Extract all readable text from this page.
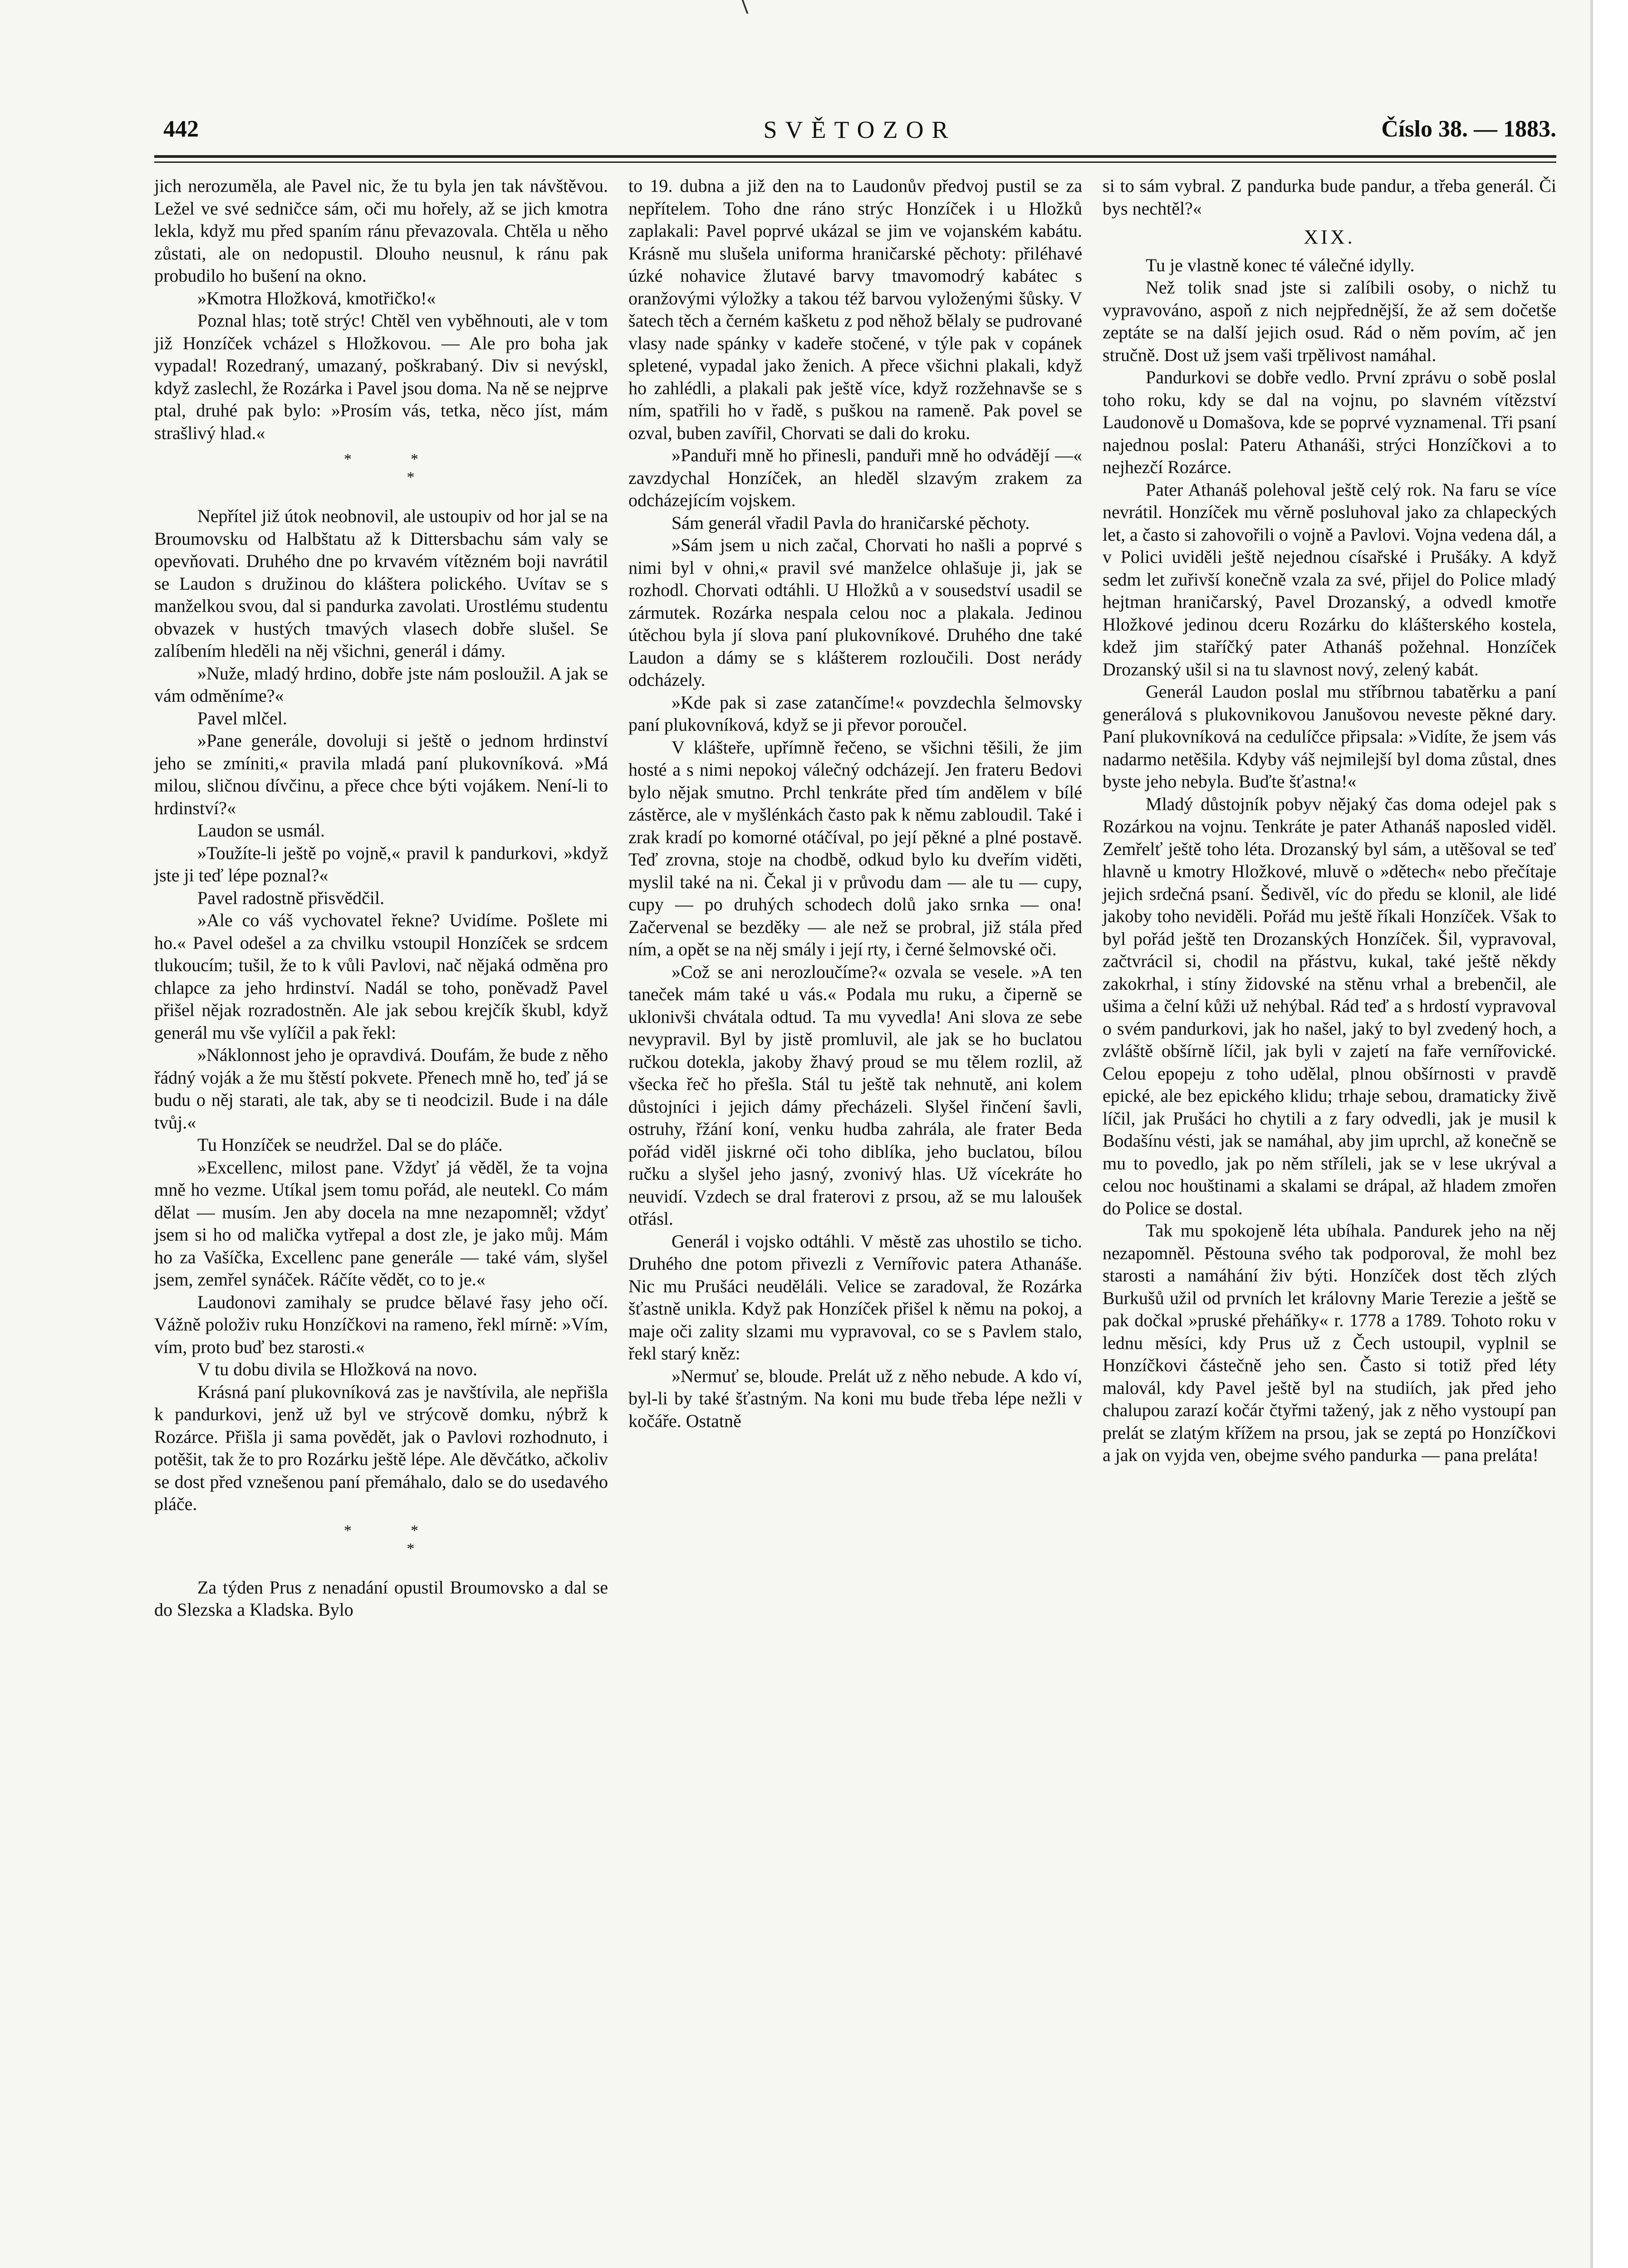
442	SVĚTOZOR	Číslo 38. — 1883.

jich nerozuměla, ale Pavel nic, že tu byla jen tak návštěvou. Ležel ve své sedničce sám, oči mu hořely, až se jich kmotra lekla, když mu před spaním ránu převazovala. Chtěla u něho zůstati, ale on nedopustil. Dlouho neusnul, k ránu pak probudilo ho bušení na okno.

»Kmotra Hložková, kmotřičko!«

Poznal hlas; totě strýc! Chtěl ven vyběhnouti, ale v tom již Honzíček vcházel s Hložkovou. — Ale pro boha jak vypadal! Rozedraný, umazaný, poškrabaný. Div si nevýskl, když zaslechl, že Rozárka i Pavel jsou doma. Na ně se nejprve ptal, druhé pak bylo: »Prosím vás, tetka, něco jíst, mám strašlivý hlad.«

**
*

Nepřítel již útok neobnovil, ale ustoupiv od hor jal se na Broumovsku od Halbštatu až k Dittersbachu sám valy se opevňovati. Druhého dne po krvavém vítězném boji navrátil se Laudon s družinou do kláštera polického. Uvítav se s manželkou svou, dal si pandurka zavolati. Urostlému studentu obvazek v hustých tmavých vlasech dobře slušel. Se zalíbením hleděli na něj všichni, generál i dámy.

»Nuže, mladý hrdino, dobře jste nám posloužil. A jak se vám odměníme?«

Pavel mlčel.

»Pane generále, dovoluji si ještě o jednom hrdinství jeho se zmíniti,« pravila mladá paní plukovníková. »Má milou, sličnou dívčinu, a přece chce býti vojákem. Není-li to hrdinství?«

Laudon se usmál.

»Toužíte-li ještě po vojně,« pravil k pandurkovi, »když jste ji teď lépe poznal?«

Pavel radostně přisvědčil.

»Ale co váš vychovatel řekne? Uvidíme. Pošlete mi ho.« Pavel odešel a za chvilku vstoupil Honzíček se srdcem tlukoucím; tušil, že to k vůli Pavlovi, nač nějaká odměna pro chlapce za jeho hrdinství. Nadál se toho, poněvadž Pavel přišel nějak rozradostněn. Ale jak sebou krejčík škubl, když generál mu vše vylíčil a pak řekl:

»Náklonnost jeho je opravdivá. Doufám, že bude z něho řádný voják a že mu štěstí pokvete. Přenech mně ho, teď já se budu o něj starati, ale tak, aby se ti neodcizil. Bude i na dále tvůj.«

Tu Honzíček se neudržel. Dal se do pláče.

»Excellenc, milost pane. Vždyť já věděl, že ta vojna mně ho vezme. Utíkal jsem tomu pořád, ale neutekl. Co mám dělat — musím. Jen aby docela na mne nezapomněl; vždyť jsem si ho od malička vytřepal a dost zle, je jako můj. Mám ho za Vašíčka, Excellenc pane generále — také vám, slyšel jsem, zemřel synáček. Ráčíte vědět, co to je.«

Laudonovi zamihaly se prudce bělavé řasy jeho očí. Vážně položiv ruku Honzíčkovi na rameno, řekl mírně: »Vím, vím, proto buď bez starosti.«

V tu dobu divila se Hložková na novo.

Krásná paní plukovníková zas je navštívila, ale nepřišla k pandurkovi, jenž už byl ve strýcově domku, nýbrž k Rozárce. Přišla ji sama povědět, jak o Pavlovi rozhodnuto, i potěšit, tak že to pro Rozárku ještě lépe. Ale děvčátko, ačkoliv se dost před vznešenou paní přemáhalo, dalo se do usedavého pláče.

**
*

Za týden Prus z nenadání opustil Broumovsko a dal se do Slezska a Kladska. Bylo

to 19. dubna a již den na to Laudonův předvoj pustil se za nepřítelem. Toho dne ráno strýc Honzíček i u Hložků zaplakali: Pavel poprvé ukázal se jim ve vojanském kabátu. Krásně mu slušela uniforma hraničarské pěchoty: přiléhavé úzké nohavice žlutavé barvy tmavomodrý kabátec s oranžovými výložky a takou též barvou vyloženými šůsky. V šatech těch a černém kašketu z pod něhož bělaly se pudrované vlasy nade spánky v kadeře stočené, v týle pak v copánek spletené, vypadal jako ženich. A přece všichni plakali, když ho zahlédli, a plakali pak ještě více, když rozžehnavše se s ním, spatřili ho v řadě, s puškou na rameně. Pak povel se ozval, buben zavířil, Chorvati se dali do kroku.

»Panduři mně ho přinesli, panduři mně ho odvádějí —« zavzdychal Honzíček, an hleděl slzavým zrakem za odcházejícím vojskem.

Sám generál vřadil Pavla do hraničarské pěchoty.

»Sám jsem u nich začal, Chorvati ho našli a poprvé s nimi byl v ohni,« pravil své manželce ohlašuje ji, jak se rozhodl. Chorvati odtáhli. U Hložků a v sousedství usadil se zármutek. Rozárka nespala celou noc a plakala. Jedinou útěchou byla jí slova paní plukovníkové. Druhého dne také Laudon a dámy se s klášterem rozloučili. Dost nerády odcházely.

»Kde pak si zase zatančíme!« povzdechla šelmovsky paní plukovníková, když se ji převor poroučel.

V klášteře, upřímně řečeno, se všichni těšili, že jim hosté a s nimi nepokoj válečný odcházejí. Jen frateru Bedovi bylo nějak smutno. Prchl tenkráte před tím andělem v bílé zástěrce, ale v myšlénkách často pak k němu zabloudil. Také i zrak kradí po komorné otáčíval, po její pěkné a plné postavě. Teď zrovna, stoje na chodbě, odkud bylo ku dveřím viděti, myslil také na ni. Čekal ji v průvodu dam — ale tu — cupy, cupy — po druhých schodech dolů jako srnka — ona! Začervenal se bezděky — ale než se probral, již stála před ním, a opět se na něj smály i její rty, i černé šelmovské oči.

»Což se ani nerozloučíme?« ozvala se vesele. »A ten taneček mám také u vás.« Podala mu ruku, a čiperně se uklonivši chvátala odtud. Ta mu vyvedla! Ani slova ze sebe nevypravil. Byl by jistě promluvil, ale jak se ho buclatou ručkou dotekla, jakoby žhavý proud se mu tělem rozlil, až všecka řeč ho přešla. Stál tu ještě tak nehnutě, ani kolem důstojníci i jejich dámy přecházeli. Slyšel řinčení šavli, ostruhy, řžání koní, venku hudba zahrála, ale frater Beda pořád viděl jiskrné oči toho diblíka, jeho buclatou, bílou ručku a slyšel jeho jasný, zvonivý hlas. Už vícekráte ho neuvidí. Vzdech se dral fraterovi z prsou, až se mu laloušek otřásl.

Generál i vojsko odtáhli. V městě zas uhostilo se ticho. Druhého dne potom přivezli z Vernířovic patera Athanáše. Nic mu Prušáci neuděláli. Velice se zaradoval, že Rozárka šťastně unikla. Když pak Honzíček přišel k němu na pokoj, a maje oči zality slzami mu vypravoval, co se s Pavlem stalo, řekl starý kněz:

»Nermuť se, bloude. Prelát už z něho nebude. A kdo ví, byl-li by také šťastným. Na koni mu bude třeba lépe nežli v kočáře. Ostatně

si to sám vybral. Z pandurka bude pandur, a třeba generál. Či bys nechtěl?«

XIX.

Tu je vlastně konec té válečné idylly.

Než tolik snad jste si zalíbili osoby, o nichž tu vypravováno, aspoň z nich nejpřednější, že až sem dočetše zeptáte se na další jejich osud. Rád o něm povím, ač jen stručně. Dost už jsem vaši trpělivost namáhal.

Pandurkovi se dobře vedlo. První zprávu o sobě poslal toho roku, kdy se dal na vojnu, po slavném vítězství Laudonově u Domašova, kde se poprvé vyznamenal. Tři psaní najednou poslal: Pateru Athanáši, strýci Honzíčkovi a to nejhezčí Rozárce.

Pater Athanáš polehoval ještě celý rok. Na faru se více nevrátil. Honzíček mu věrně posluhoval jako za chlapeckých let, a často si zahovořili o vojně a Pavlovi. Vojna vedena dál, a v Polici uviděli ještě nejednou císařské i Prušáky. A když sedm let zuřivší konečně vzala za své, přijel do Police mladý hejtman hraničarský, Pavel Drozanský, a odvedl kmotře Hložkové jedinou dceru Rozárku do klášterského kostela, kdež jim staříčký pater Athanáš požehnal. Honzíček Drozanský ušil si na tu slavnost nový, zelený kabát.

Generál Laudon poslal mu stříbrnou tabatěrku a paní generálová s plukovnikovou Janušovou neveste pěkné dary. Paní plukovníková na cedulíčce připsala: »Vidíte, že jsem vás nadarmo netěšila. Kdyby váš nejmilejší byl doma zůstal, dnes byste jeho nebyla. Buďte šťastna!«

Mladý důstojník pobyv nějaký čas doma odejel pak s Rozárkou na vojnu. Tenkráte je pater Athanáš naposled viděl. Zemřelť ještě toho léta. Drozanský byl sám, a utěšoval se teď hlavně u kmotry Hložkové, mluvě o »dětech« nebo přečítaje jejich srdečná psaní. Šedivěl, víc do předu se klonil, ale lidé jakoby toho neviděli. Pořád mu ještě říkali Honzíček. Však to byl pořád ještě ten Drozanských Honzíček. Šil, vypravoval, začtvrácil si, chodil na přástvu, kukal, také ještě někdy zakokrhal, i stíny židovské na stěnu vrhal a brebenčil, ale ušima a čelní kůži už nehýbal. Rád teď a s hrdostí vypravoval o svém pandurkovi, jak ho našel, jaký to byl zvedený hoch, a zvláště obšírně líčil, jak byli v zajetí na faře vernířovické. Celou epopeju z toho udělal, plnou obšírnosti v pravdě epické, ale bez epického klidu; trhaje sebou, dramaticky živě líčil, jak Prušáci ho chytili a z fary odvedli, jak je musil k Bodašínu vésti, jak se namáhal, aby jim uprchl, až konečně se mu to povedlo, jak po něm stříleli, jak se v lese ukrýval a celou noc houštinami a skalami se drápal, až hladem zmořen do Police se dostal.

Tak mu spokojeně léta ubíhala. Pandurek jeho na něj nezapomněl. Pěstouna svého tak podporoval, že mohl bez starosti a namáhání živ býti. Honzíček dost těch zlých Burkušů užil od prvních let královny Marie Terezie a ještě se pak dočkal »pruské přeháňky« r. 1778 a 1789. Tohoto roku v lednu měsíci, kdy Prus už z Čech ustoupil, vyplnil se Honzíčkovi částečně jeho sen. Často si totiž před léty malovál, kdy Pavel ještě byl na studiích, jak před jeho chalupou zarazí kočár čtyřmi tažený, jak z něho vystoupí pan prelát se zlatým křížem na prsou, jak se zeptá po Honzíčkovi a jak on vyjda ven, obejme svého pandurka — pana preláta!
